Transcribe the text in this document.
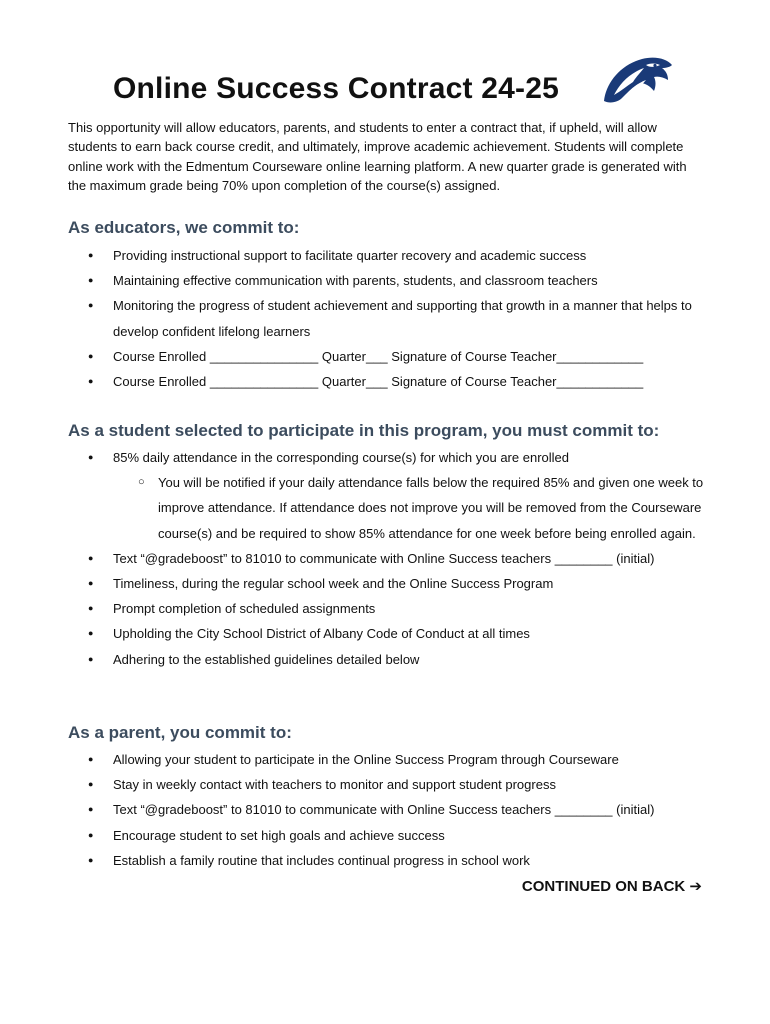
Online Success Contract 24-25

This opportunity will allow educators, parents, and students to enter a contract that, if upheld, will allow students to earn back course credit, and ultimately, improve academic achievement. Students will complete online work with the Edmentum Courseware online learning platform. A new quarter grade is generated with the maximum grade being 70% upon completion of the course(s) assigned.

As educators, we commit to:
● Providing instructional support to facilitate quarter recovery and academic success
● Maintaining effective communication with parents, students, and classroom teachers
● Monitoring the progress of student achievement and supporting that growth in a manner that helps to develop confident lifelong learners
● Course Enrolled _______________ Quarter___ Signature of Course Teacher____________
● Course Enrolled _______________ Quarter___ Signature of Course Teacher____________
As a student selected to participate in this program, you must commit to:
● 85% daily attendance in the corresponding course(s) for which you are enrolled
○ You will be notified if your daily attendance falls below the required 85% and given one week to improve attendance. If attendance does not improve you will be removed from the Courseware course(s) and be required to show 85% attendance for one week before being enrolled again.
● Text “@gradeboost” to 81010 to communicate with Online Success teachers ________ (initial)
● Timeliness, during the regular school week and the Online Success Program
● Prompt completion of scheduled assignments
● Upholding the City School District of Albany Code of Conduct at all times
● Adhering to the established guidelines detailed below
As a parent, you commit to:
● Allowing your student to participate in the Online Success Program through Courseware
● Stay in weekly contact with teachers to monitor and support student progress
● Text “@gradeboost” to 81010 to communicate with Online Success teachers ________ (initial)
● Encourage student to set high goals and achieve success
● Establish a family routine that includes continual progress in school work

CONTINUED ON BACK ➔
